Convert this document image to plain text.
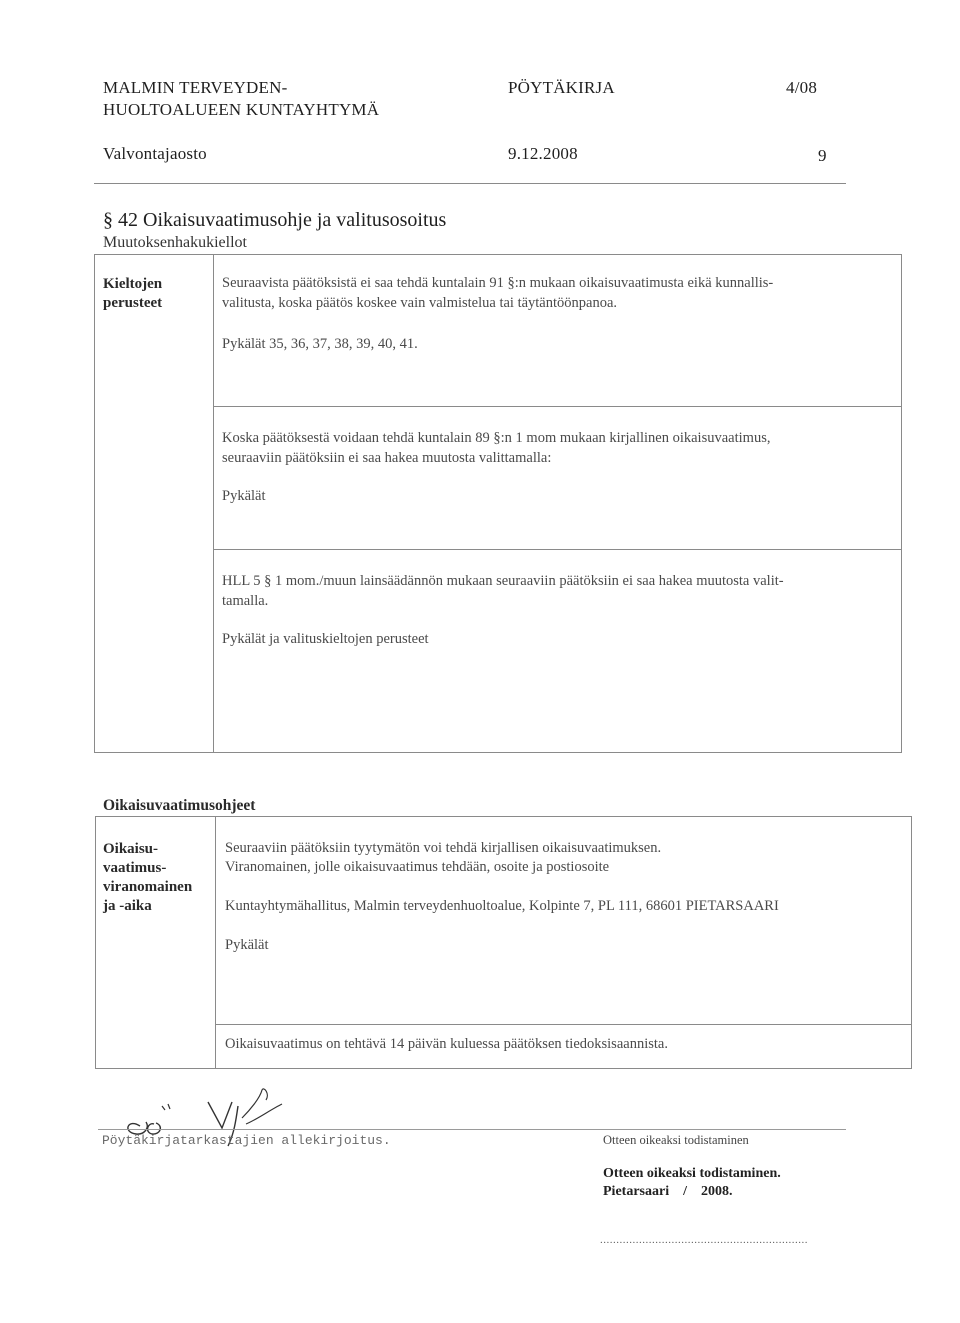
MALMIN TERVEYDEN-
HUOLTOALUEEN KUNTAYHTYMÄ
PÖYTÄKIRJA	4/08
Valvontajaosto	9.12.2008	9
§ 42 Oikaisuvaatimusohje ja valitusosoitus
Muutoksenhakukiellot
Kieltojen
perusteet
Seuraavista päätöksistä ei saa tehdä kuntalain 91 §:n mukaan oikaisuvaatimusta eikä kunnallis-
valitusta, koska päätös koskee vain valmistelua tai täytäntöönpanoa.
Pykälät 35, 36, 37, 38, 39, 40, 41.
Koska päätöksestä voidaan tehdä kuntalain 89 §:n 1 mom mukaan kirjallinen oikaisuvaatimus,
seuraaviin päätöksiin ei saa hakea muutosta valittamalla:
Pykälät
HLL 5 § 1 mom./muun lainsäädännön mukaan seuraaviin päätöksiin ei saa hakea muutosta valit-
tamalla.
Pykälät ja valituskieltojen perusteet
Oikaisuvaatimusohjeet
Oikaisu-
vaatimus-
viranomainen
ja -aika
Seuraaviin päätöksiin tyytymätön voi tehdä kirjallisen oikaisuvaatimuksen.
Viranomainen, jolle oikaisuvaatimus tehdään, osoite ja postiosoite
Kuntayhtymähallitus, Malmin terveydenhuoltoalue, Kolpinte 7, PL 111, 68601 PIETARSAARI
Pykälät
Oikaisuvaatimus on tehtävä 14 päivän kuluessa päätöksen tiedoksisaannista.
Pöytäkirjatarkastajien allekirjoitus.	Otteen oikeaksi todistaminen
Otteen oikeaksi todistaminen.
Pietarsaari    /    2008.
................................................................
